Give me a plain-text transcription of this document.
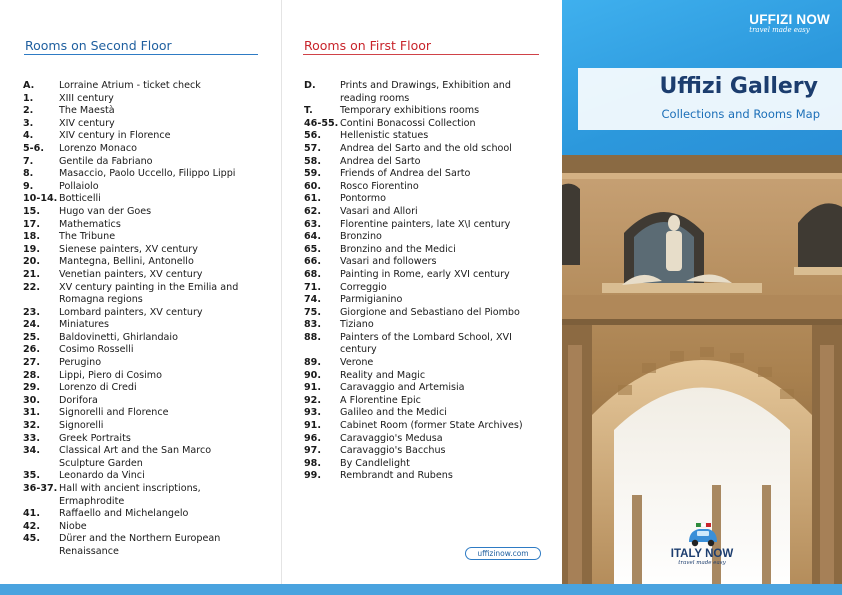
Rooms on Second Floor
A.	Lorraine Atrium - ticket check
1.	XIII century
2.	The Maestà
3.	XIV century
4.	XIV century in Florence
5-6.	Lorenzo Monaco
7.	Gentile da Fabriano
8.	Masaccio, Paolo Uccello, Filippo Lippi
9.	Pollaiolo
10-14. Botticelli
15.	Hugo van der Goes
17.	Mathematics
18.	The Tribune
19.	Sienese painters, XV century
20.	Mantegna, Bellini, Antonello
21.	Venetian painters, XV century
22.	XV century painting in the Emilia and Romagna regions
23.	Lombard painters, XV century
24.	Miniatures
25.	Baldovinetti, Ghirlandaio
26.	Cosimo Rosselli
27.	Perugino
28.	Lippi, Piero di Cosimo
29.	Lorenzo di Credi
30.	Dorifora
31.	Signorelli and Florence
32.	Signorelli
33.	Greek Portraits
34.	Classical Art and the San Marco Sculpture Garden
35.	Leonardo da Vinci
36-37. Hall with ancient inscriptions, Ermaphrodite
41.	Raffaello and Michelangelo
42.	Niobe
45.	Dürer and the Northern European Renaissance
Rooms on First Floor
D.	Prints and Drawings, Exhibition and reading rooms
T.	Temporary exhibitions rooms
46-55. Contini Bonacossi Collection
56.	Hellenistic statues
57.	Andrea del Sarto and the old school
58.	Andrea del Sarto
59.	Friends of Andrea del Sarto
60.	Rosco Fiorentino
61.	Pontormo
62.	Vasari and Allori
63.	Florentine painters, late X\I century
64.	Bronzino
65.	Bronzino and the Medici
66.	Vasari and followers
68.	Painting in Rome, early XVI century
71.	Correggio
74.	Parmigianino
75.	Giorgione and Sebastiano del Piombo
83.	Tiziano
88.	Painters of the Lombard School, XVI century
89.	Verone
90.	Reality and Magic
91.	Caravaggio and Artemisia
92.	A Florentine Epic
93.	Galileo and the Medici
91.	Cabinet Room (former State Archives)
96.	Caravaggio's Medusa
97.	Caravaggio's Bacchus
98.	By Candlelight
99.	Rembrandt and Rubens
uffizinow.com
UFFIZI NOW
travel made easy
Uffizi Gallery
Collections and Rooms Map
ITALY NOW
travel made easy
